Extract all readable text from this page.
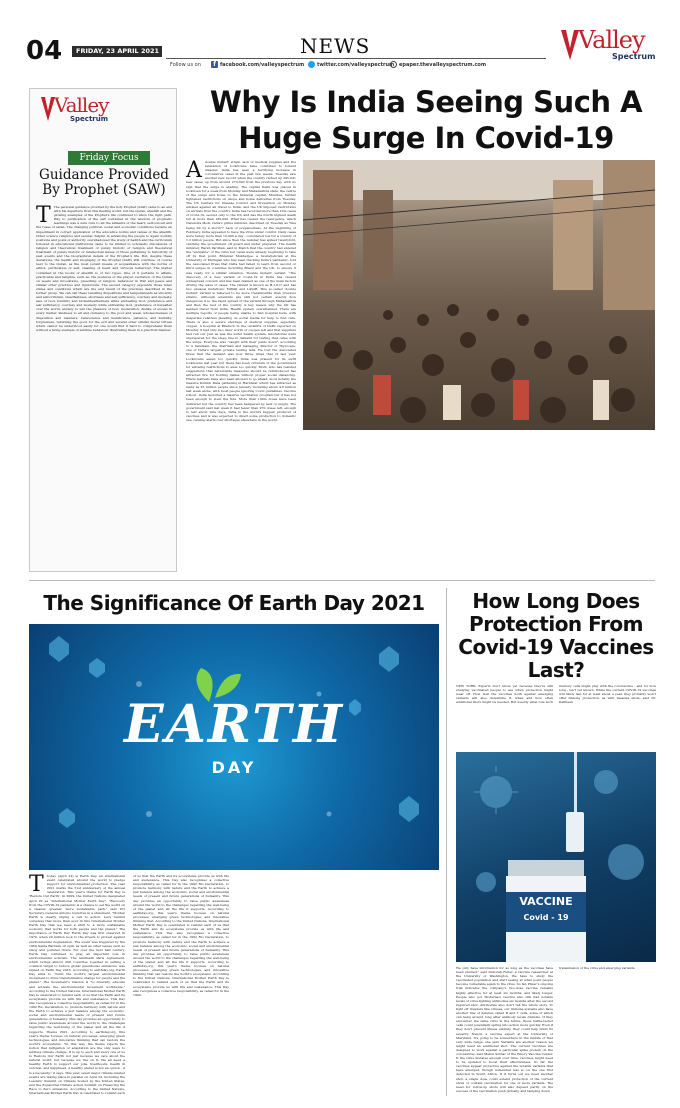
04 FRIDAY, 23 APRIL 2021	NEWS
Follow us on	f facebook.com/valleyspectrum	twitter.com/valleyspectrum epaper.thevalleyspectrum.com
Valley
Spectrum
Valley
Spectrum
Friday Focus
Guidance Provided By Prophet (SAW)
T The personal guidance provided by the holy Prophet (SAW) came to an end with his departure from this fleeting world, but the Quran, ahadith and the glowing examples of the Prophet's life continued to show the right path. Way to purification of the self contained in the wisdom of prophetic teachings was a sure cure to all the ailments of the heart, self-conceit and the ruses of satan. The changing political, social and economic conditions became an impediment in correct application of the educative norms and values of the ahadith. Other science religious and secular, helpful in advancing the people to again worldly positions and posts of authority overshadowed the study of hadith and the curriculum followed in educational institutions came to be limited to scholastic discussions of religion and theoretical treatment of purely historic of religion and theoretical treatment of purely historic or intellectual issues or those pertaining to historicity of past events and the biographical details of the Prophet's life. But, despite these deviations, the hadith and biography of the Prophet (SAW) still continue, of course next to the Quran, as the most potent means of acquaintance with the norms of ethics, purification of self, cleaning of heart and virtuous behaviour. The matter contained in the books of ahadith is of two types. One of it pertains to affairs, practicable and tangible, such as, the postures of the prayer, recitation of the Quran on wears and invocations, preaching of religion, behaviour in War and peace and similar other practices and injunctions. The second category expounds those inner states and conditions which are the end result of the practices described in the former group. We can call these resulting dispositions and temperaments as sincerity and self-criticism, steadfastness, shortness and self sufficiency, courtesy and modesty, awe of God, humility and brokenheartedness while entreating God, preference and self sufficiency, courtesy and modesty while entreating God, preference of hereafter over the world, anxiety to win the pleasure of God, moderation, dislike of excess in every matter, kindness to all and clemency to the poor and weak, wholesomeness of disposition and manners, benevolence and munificence, patience, and humility, forgiveness, returning the good for the evil and several other similar moral virtues which cannot be understood easily for one would find it hard to comprehend them without a living example of sublime behaviour illustrating them in a practical manner.
Why Is India Seeing Such A Huge Surge In Covid-19
A double mutant' strain, lack of medical supplies and the relaxation of lockdowns have combined to foment disaster. India has seen a terrifying increase in coronavirus cases in the past few weeks. Tuesday saw another new record when the country racked up 295,041 new cases, up from around 273,000 from the previous day, with no sign that the surge is abating. The capital Delhi was placed in lockdown for a week from Monday, and Maharashtra state, the centre of the surge and home to the financial capital, Mumbai, further tightened restrictions on shops and home deliveries from Tuesday. The US Centers for Disease Control and Prevention on Monday advised against all travel to India, and the UK imposed restrictions on arrivals from the country. India has recorded more than 15m cases of Covid-19, second only to the US, and has the fourth highest death toll at more than 180,000. What has caused the resurgence, which Narendra Modi, India's prime minister, described on Tuesday as "like being hit by a storm"? Lack of preparedness. At the beginning of February, India appeared to have the virus under control. Daily cases were barely more than 10,000 a day - considered low for a country of 1.3 billion people. But since then the number has spiked twentyfold, catching the government off guard and under prepared. The health minister, Harsh Vardhan, said in March that the country had entered the "endgame" of the virus but cases were already beginning to take off by that point. Bhramar Mukherjee, a biostatistician at the University of Michigan who has been tracking India's pandemic, told the Associated Press that India had failed to learn from second or third surges in countries including Brazil and the UK, to ensure it was ready for a similar situation. 'Double mutant' variant. "The discovery of a new variant of Covid-19 in India has caused widespread concern and has been blamed as one of the main factors driving the wave of cases. The variant is known as B.1.617 and has two unusual mutations: E484Q and L452R. This so-called 'double mutant' variant is believed to be more transmissible than previous strains. Although scientists are still not certain exactly how dangerous it is, the rapid spread of the variant through Maharashtra and then the rest of the country is key reason why the UK has banned travel from India. Health system overwhelmed. There are multiple reports of people being unable to find hospital beds, with desperate relatives pleading on social media for help to find care. There is also a severe shortage of medical supplies, especially oxygen. A hospital at Bharuch in the outskirts of Delhi reported on Monday it had only two days' worth of oxygen left and that suppliers had run out. Just as was the wider health system, laboratories were unprepared for the steep rise in demand for testing that came with the surge. Everyone was "caught with their pants down", according to A Velumani, the chairman and managing director of Thyrocare, one of India's largest private testing labs. He told the Associated Press that the demand was now three times that of last year. Lockdowns eased too quickly. India was praised for its swift lockdowns last year but there has been criticism of the government for allowing restrictions to ease too quickly. Modi, who has resisted suggestions that nationwide measures should be reintroduced has attracted fire for holding rallies without proper social distancing. Hindu festivals have also been allowed to go ahead, most notably the massive Kumbh Mela gathering in Haridwar which has attracted as many as 25 million people since January, including about 4.6 million last week alone, with most people ignoring Covid guidelines. Vaccine rollout. India launched a massive vaccination program but it has not been enough to stem the tide. More than 100m doses have been delivered but the country has been hampered by lack of supply. The government said last week it had fewer than 270 doses left, enough to last about nine days. India is the world's biggest producer of vaccines and is was expected to divert some production to domestic use, causing alarm over shortages elsewhere in the world.
The Significance Of Earth Day 2021
EARTH
DAY
T Today (April 22) is Earth Day, an international event celebrated around the world to pledge support for environmental protection. The year 2021 marks the 51st anniversary of the annual celebration. This year's theme for Earth Day is 'Restore Our Earth'. In 2009, the United Nations designated April 22 as "International Mother Earth Day". "Recovery from the COVID-19 pandemic is a chance to set the world on a cleaner, greener, more sustainable path," said UN Secretary-General Antonio Guterres in a statement. "Mother Earth is clearly urging a call to action. Let's remind ourselves that more than ever in this International Mother Earth Day that we need a shift to a more sustainable economy that works for both people and the planet." The importance of Earth Day. Earth Day was first observed in 1970, when 20 million took to the streets to protest against environmental degradation. The event was triggered by the 1969 Santa Barbara oil spill, as well as other issues such as smog and polluted rivers. For over the next half century, Earth Day continued to play an important role in environmental activism. The landmark Paris Agreement, which brings almost 200 countries together in setting a common target to reduce global greenhouse emissions, was signed on Earth Day 2016. According to earthday.org, Earth Day aims to "build the world's largest environmental movement to drive transformative change for people and the planet." The movement's mission is "to diversify, educate and activate the environmental movement worldwide." According to the United Nations, International Mother Earth Day is celebrated to remind each of us that the Earth and its ecosystems provide us with life and sustenance. This Day also recognizes a collective responsibility, as called for in the 1992 Rio Declaration, to promote harmony with nature and the Earth to achieve a just balance among the economic, social and environmental needs of present and future generations of humanity. This day provides an opportunity to raise public awareness around the world to the challenges regarding the well-being of the planet and all the life it supports. Theme 2021. According to earthday.org, this year's theme focuses on natural processes, emerging green technologies, and innovative thinking that can restore the world's ecosystems. "In this way, the theme rejects the notion that mitigation or adaptation are the only ways to address climate change. It is up to each and every one of us to Restore Our Earth not just because we care about the natural world, but because we live on it. We all need a healthy Earth to support our jobs, livelihoods, health & survival, and happiness. A healthy planet is not an option - it is a necessity," it says. This year, seven major climate-related events are taking place in parallel on April 22, including the Leaders' Summit on Climate hosted by the United States, and the Equatorial Climate action Summit on Financing the Race to Zero emissions. According to the United Nations, International Mother Earth Day is celebrated to remind each
of us that the Earth and its ecosystems provide us with life and sustenance. This Day also recognizes a collective responsibility, as called for in the 1992 Rio Declaration, to promote harmony with nature and the Earth to achieve a just balance among the economic, social and environmental needs of present and future generations of humanity. This day provides an opportunity to raise public awareness around the world to the challenges regarding the well-being of the planet and all the life it supports. According to earthday.org, this year's theme focuses on natural processes, emerging green technologies, and innovative thinking that. According to the United Nations, International Mother Earth Day is celebrated to remind each of us that the Earth and its ecosystems provide us with life and sustenance. This Day also recognizes a collective responsibility, as called for in the 1992 Rio Declaration, to promote harmony with nature and the Earth to achieve a just balance among the economic, social and environmental needs of present and future generations of humanity. This day provides an opportunity to raise public awareness around the world to the challenges regarding the well-being of the planet and all the life it supports. According to earthday.org, this year's theme focuses on natural processes, emerging green technologies, and innovative thinking that can restore the world's ecosystems. According to the United Nations, International Mother Earth Day is celebrated to remind each of us that the Earth and its ecosystems provide us with life and sustenance. This Day also recognizes a collective responsibility, as called for in the 1992.
How Long Does Protection From Covid-19 Vaccines Last?
NEW YORK: Experts don't know yet because they're still studying vaccinated people to see when protection might wear off. How well the vaccines work against emerging variants will also determine if, when and how often additional shots might be needed. But exactly what role such memory cells might play with the coronavirus - and for how long - isn't yet known. While the current COVID-19 vaccines will likely last for at least about a year, they probably won't offer lifelong protection, as with measles shots, said Dr. Kathleen
VACCINE
Covid - 19
We only have information for as long as the vaccines have been studied," said Deborah Fuller, a vaccine researcher at the University of Washington. We have to study the vaccinated population and start seeing at what point people become vulnerable again to the virus. So far, Pfizer's ongoing trial indicates the company's two-dose vaccine remains highly effective for at least six months, and likely longer. People who got Moderna's vaccine also still had notable levels of virus-fighting antibodies six months after the second required shot. Antibodies also don't tell the whole story. To fight off invaders like viruses, our immune systems also have another line of defense called B and T cells, some of which can hang around long after antibody levels dwindle. If they encounter the same virus in the future, those battle-tested cells could potentially spring into action more quickly. Even if they don't prevent illness entirely, they could help blunt its severity. Neuzil, a vaccine expert at the University of Maryland. It's going to be somewhere in the middle of that very wide range, she said. Variants are another reason we might need an additional shot. The current vaccines are designed to work against a particular spike protein on the coronavirus, said Mehul Suthar of the Emory Vaccine Center. If the virus mutates enough over time, vaccines might need to be updated to boost their effectiveness. So far, the vaccines appear protective against the notable variants that have emerged, though somewhat less so on the one first detected in South Africa. If it turns out we need another shot, a single dose could extend protection of the current shots or contain vaccination for one or more variants. The need for follow-up shots will also depend partly on the success of the vaccination push globally, and tamping down
transmission of the virus and emerging variants.
